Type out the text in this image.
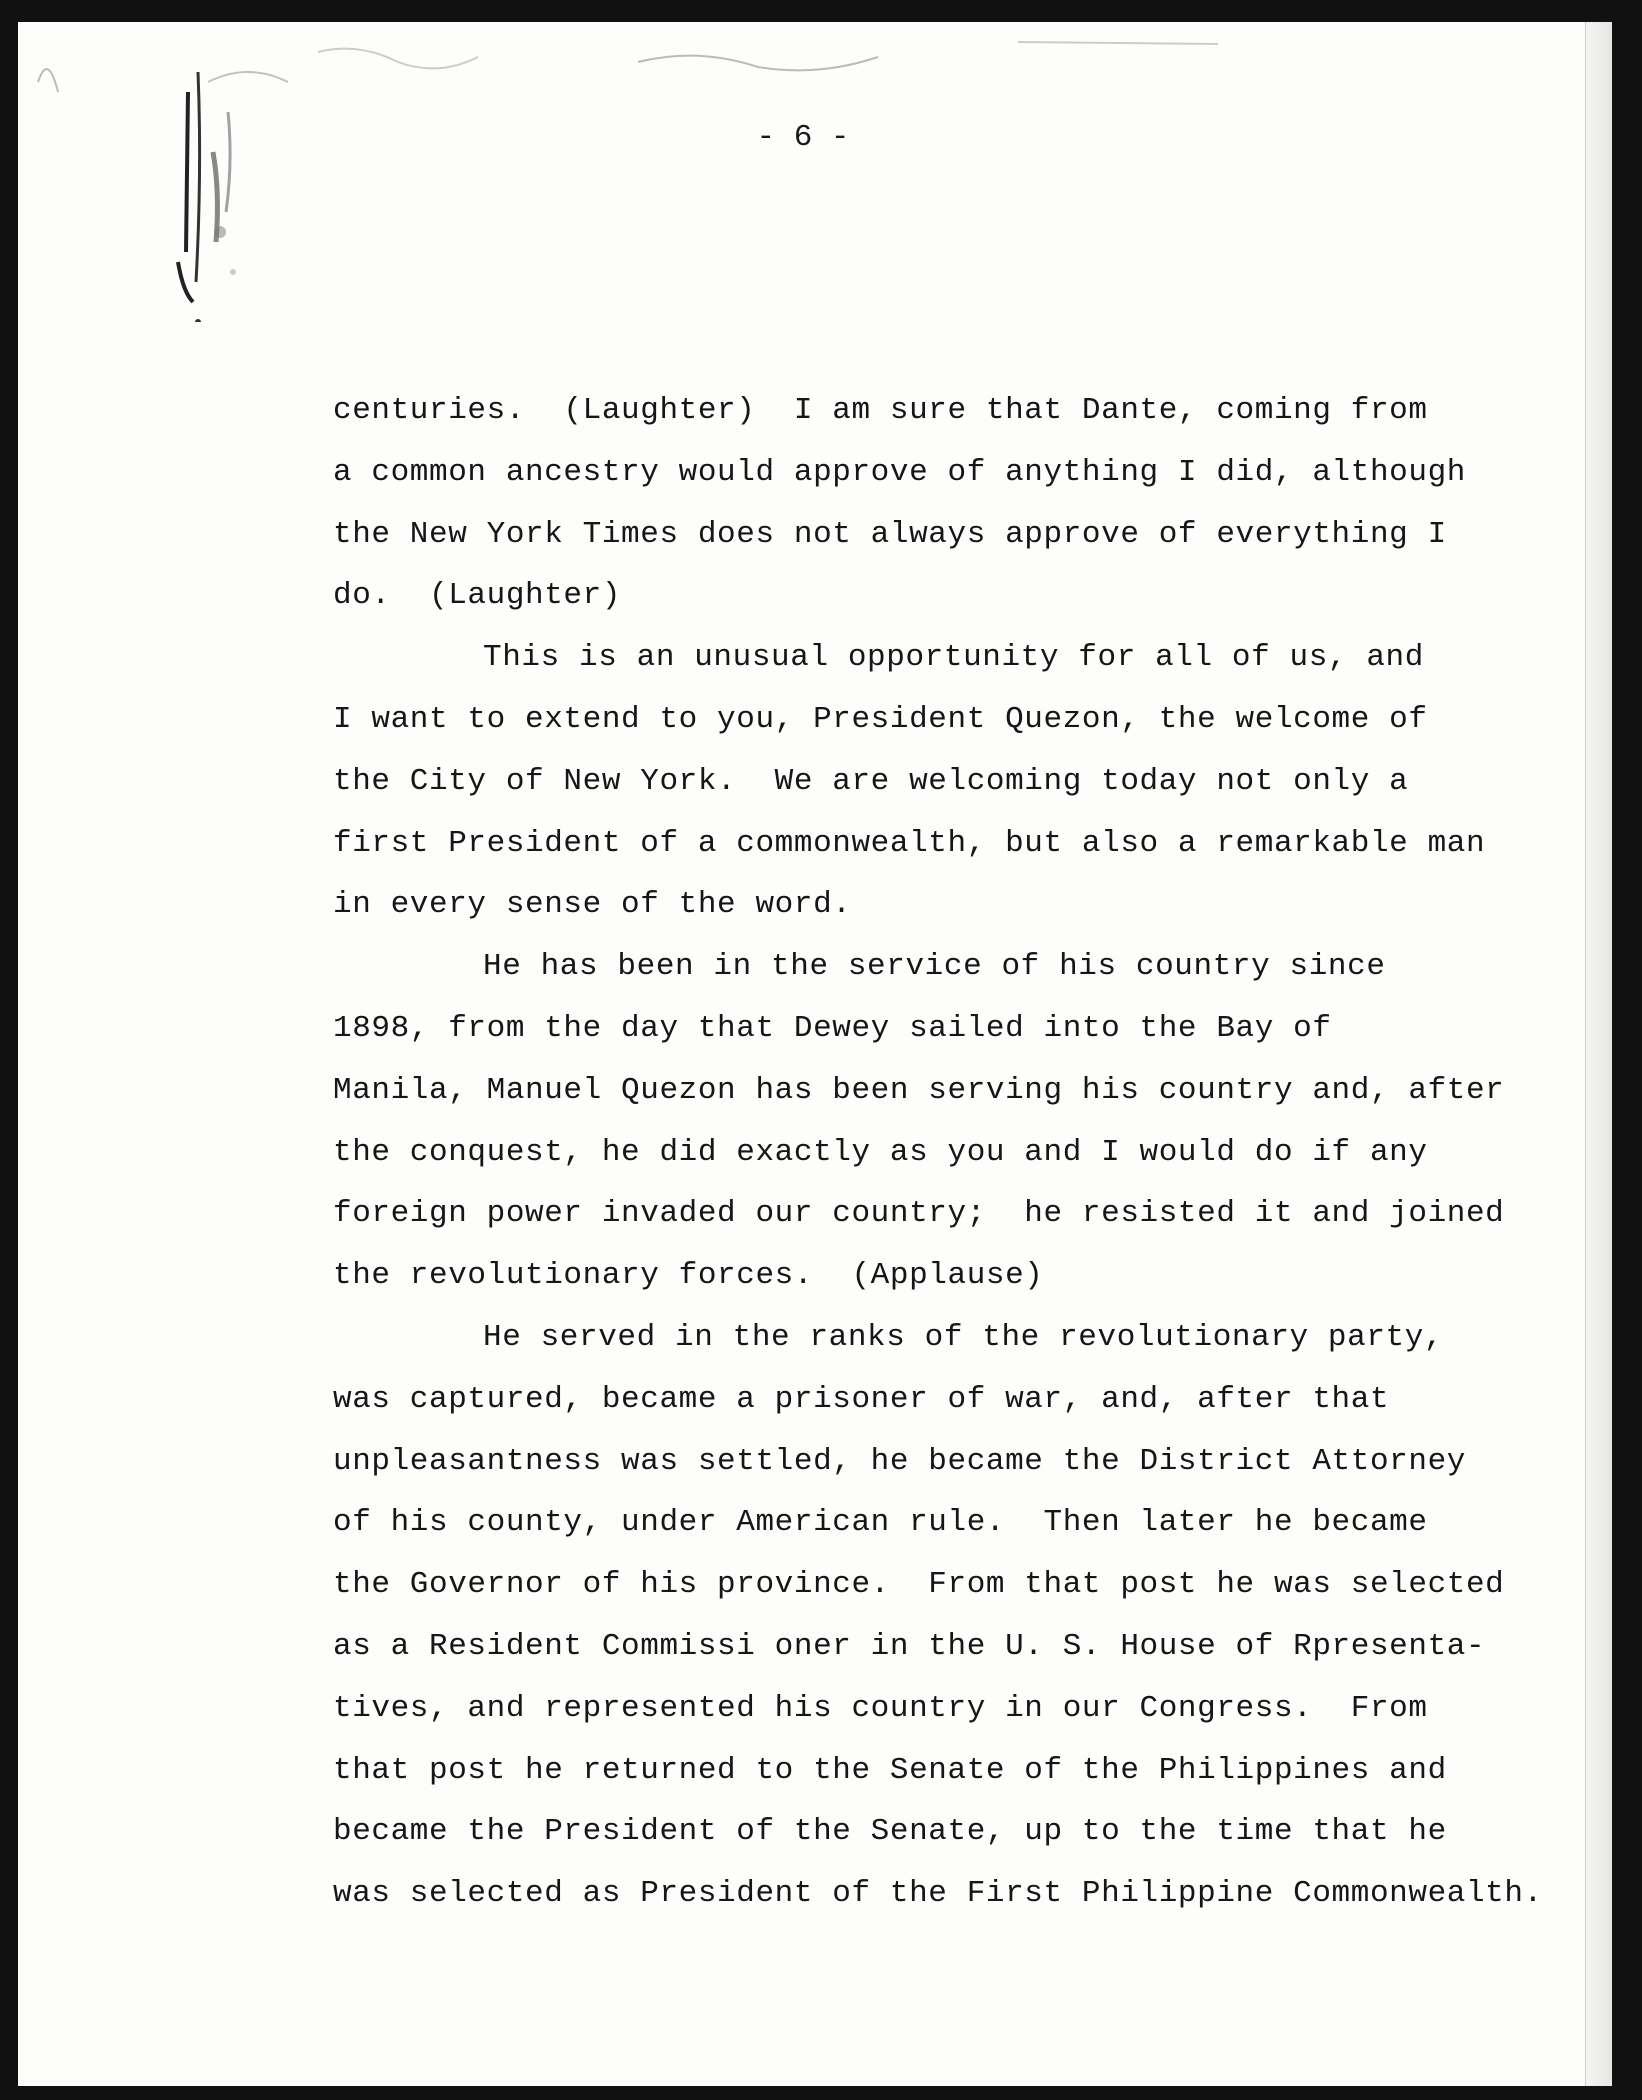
- 6 -
centuries.  (Laughter)  I am sure that Dante, coming from
a common ancestry would approve of anything I did, although
the New York Times does not always approve of everything I
do.  (Laughter)
This is an unusual opportunity for all of us, and
I want to extend to you, President Quezon, the welcome of
the City of New York.  We are welcoming today not only a
first President of a commonwealth, but also a remarkable man
in every sense of the word.
He has been in the service of his country since
1898, from the day that Dewey sailed into the Bay of
Manila, Manuel Quezon has been serving his country and, after
the conquest, he did exactly as you and I would do if any
foreign power invaded our country;  he resisted it and joined
the revolutionary forces.  (Applause)
He served in the ranks of the revolutionary party,
was captured, became a prisoner of war, and, after that
unpleasantness was settled, he became the District Attorney
of his county, under American rule.  Then later he became
the Governor of his province.  From that post he was selected
as a Resident Commissi oner in the U. S. House of Rpresenta-
tives, and represented his country in our Congress.  From
that post he returned to the Senate of the Philippines and
became the President of the Senate, up to the time that he
was selected as President of the First Philippine Commonwealth.
